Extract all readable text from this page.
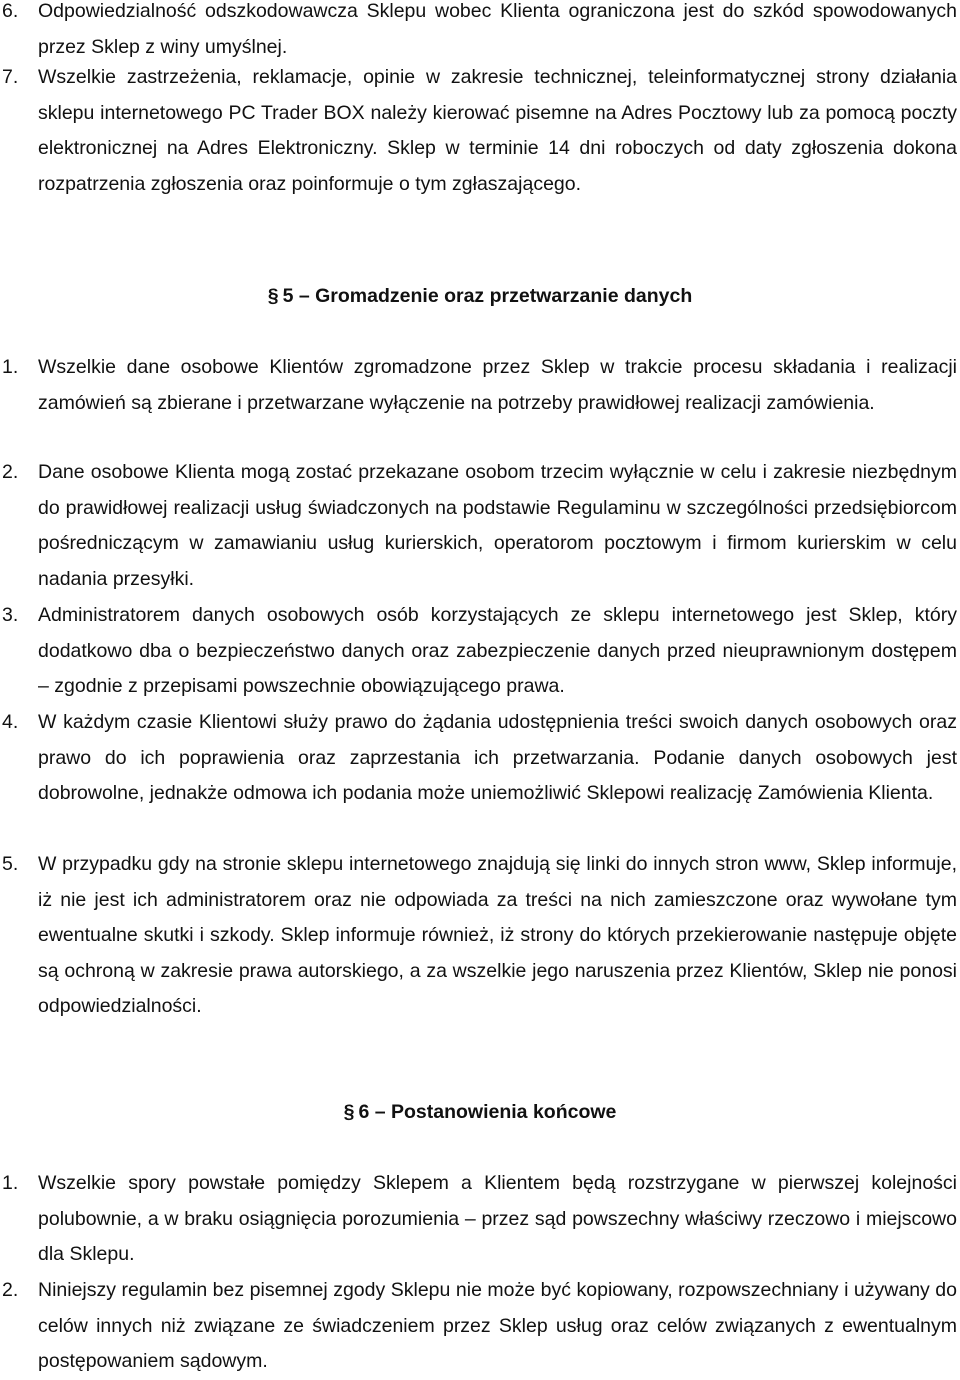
6.	Odpowiedzialność odszkodowawcza Sklepu wobec Klienta ograniczona jest do szkód spowodowanych przez Sklep z winy umyślnej.
7.	Wszelkie zastrzeżenia, reklamacje, opinie w zakresie technicznej, teleinformatycznej strony działania sklepu internetowego PC Trader BOX należy kierować pisemne na Adres Pocztowy lub za pomocą poczty elektronicznej na Adres Elektroniczny. Sklep w terminie 14 dni roboczych od daty zgłoszenia dokona rozpatrzenia zgłoszenia oraz poinformuje o tym zgłaszającego.
§ 5 – Gromadzenie oraz przetwarzanie danych
1.	Wszelkie dane osobowe Klientów zgromadzone przez Sklep w trakcie procesu składania i realizacji zamówień są zbierane i przetwarzane wyłączenie na potrzeby prawidłowej realizacji zamówienia.
2.	Dane osobowe Klienta mogą zostać przekazane osobom trzecim wyłącznie w celu i zakresie niezbędnym do prawidłowej realizacji usług świadczonych na podstawie Regulaminu w szczególności przedsiębiorcom pośredniczącym w zamawianiu usług kurierskich, operatorom pocztowym i firmom kurierskim w celu nadania przesyłki.
3.	Administratorem danych osobowych osób korzystających ze sklepu internetowego jest Sklep, który dodatkowo dba o bezpieczeństwo danych oraz zabezpieczenie danych przed nieuprawnionym dostępem – zgodnie z przepisami powszechnie obowiązującego prawa.
4.	W każdym czasie Klientowi służy prawo do żądania udostępnienia treści swoich danych osobowych oraz prawo do ich poprawienia oraz zaprzestania ich przetwarzania. Podanie danych osobowych jest dobrowolne, jednakże odmowa ich podania może uniemożliwić Sklepowi realizację Zamówienia Klienta.
5.	W przypadku gdy na stronie sklepu internetowego znajdują się linki do innych stron www, Sklep informuje, iż nie jest ich administratorem oraz nie odpowiada za treści na nich zamieszczone oraz wywołane tym ewentualne skutki i szkody. Sklep informuje również, iż strony do których przekierowanie następuje objęte są ochroną w zakresie prawa autorskiego, a za wszelkie jego naruszenia przez Klientów, Sklep nie ponosi odpowiedzialności.
§ 6 – Postanowienia końcowe
1.	Wszelkie spory powstałe pomiędzy Sklepem a Klientem będą rozstrzygane w pierwszej kolejności polubownie, a w braku osiągnięcia porozumienia – przez sąd powszechny właściwy rzeczowo i miejscowo dla Sklepu.
2.	Niniejszy regulamin bez pisemnej zgody Sklepu nie może być kopiowany, rozpowszechniany i używany do celów innych niż związane ze świadczeniem przez Sklep usług oraz celów związanych z ewentualnym postępowaniem sądowym.
